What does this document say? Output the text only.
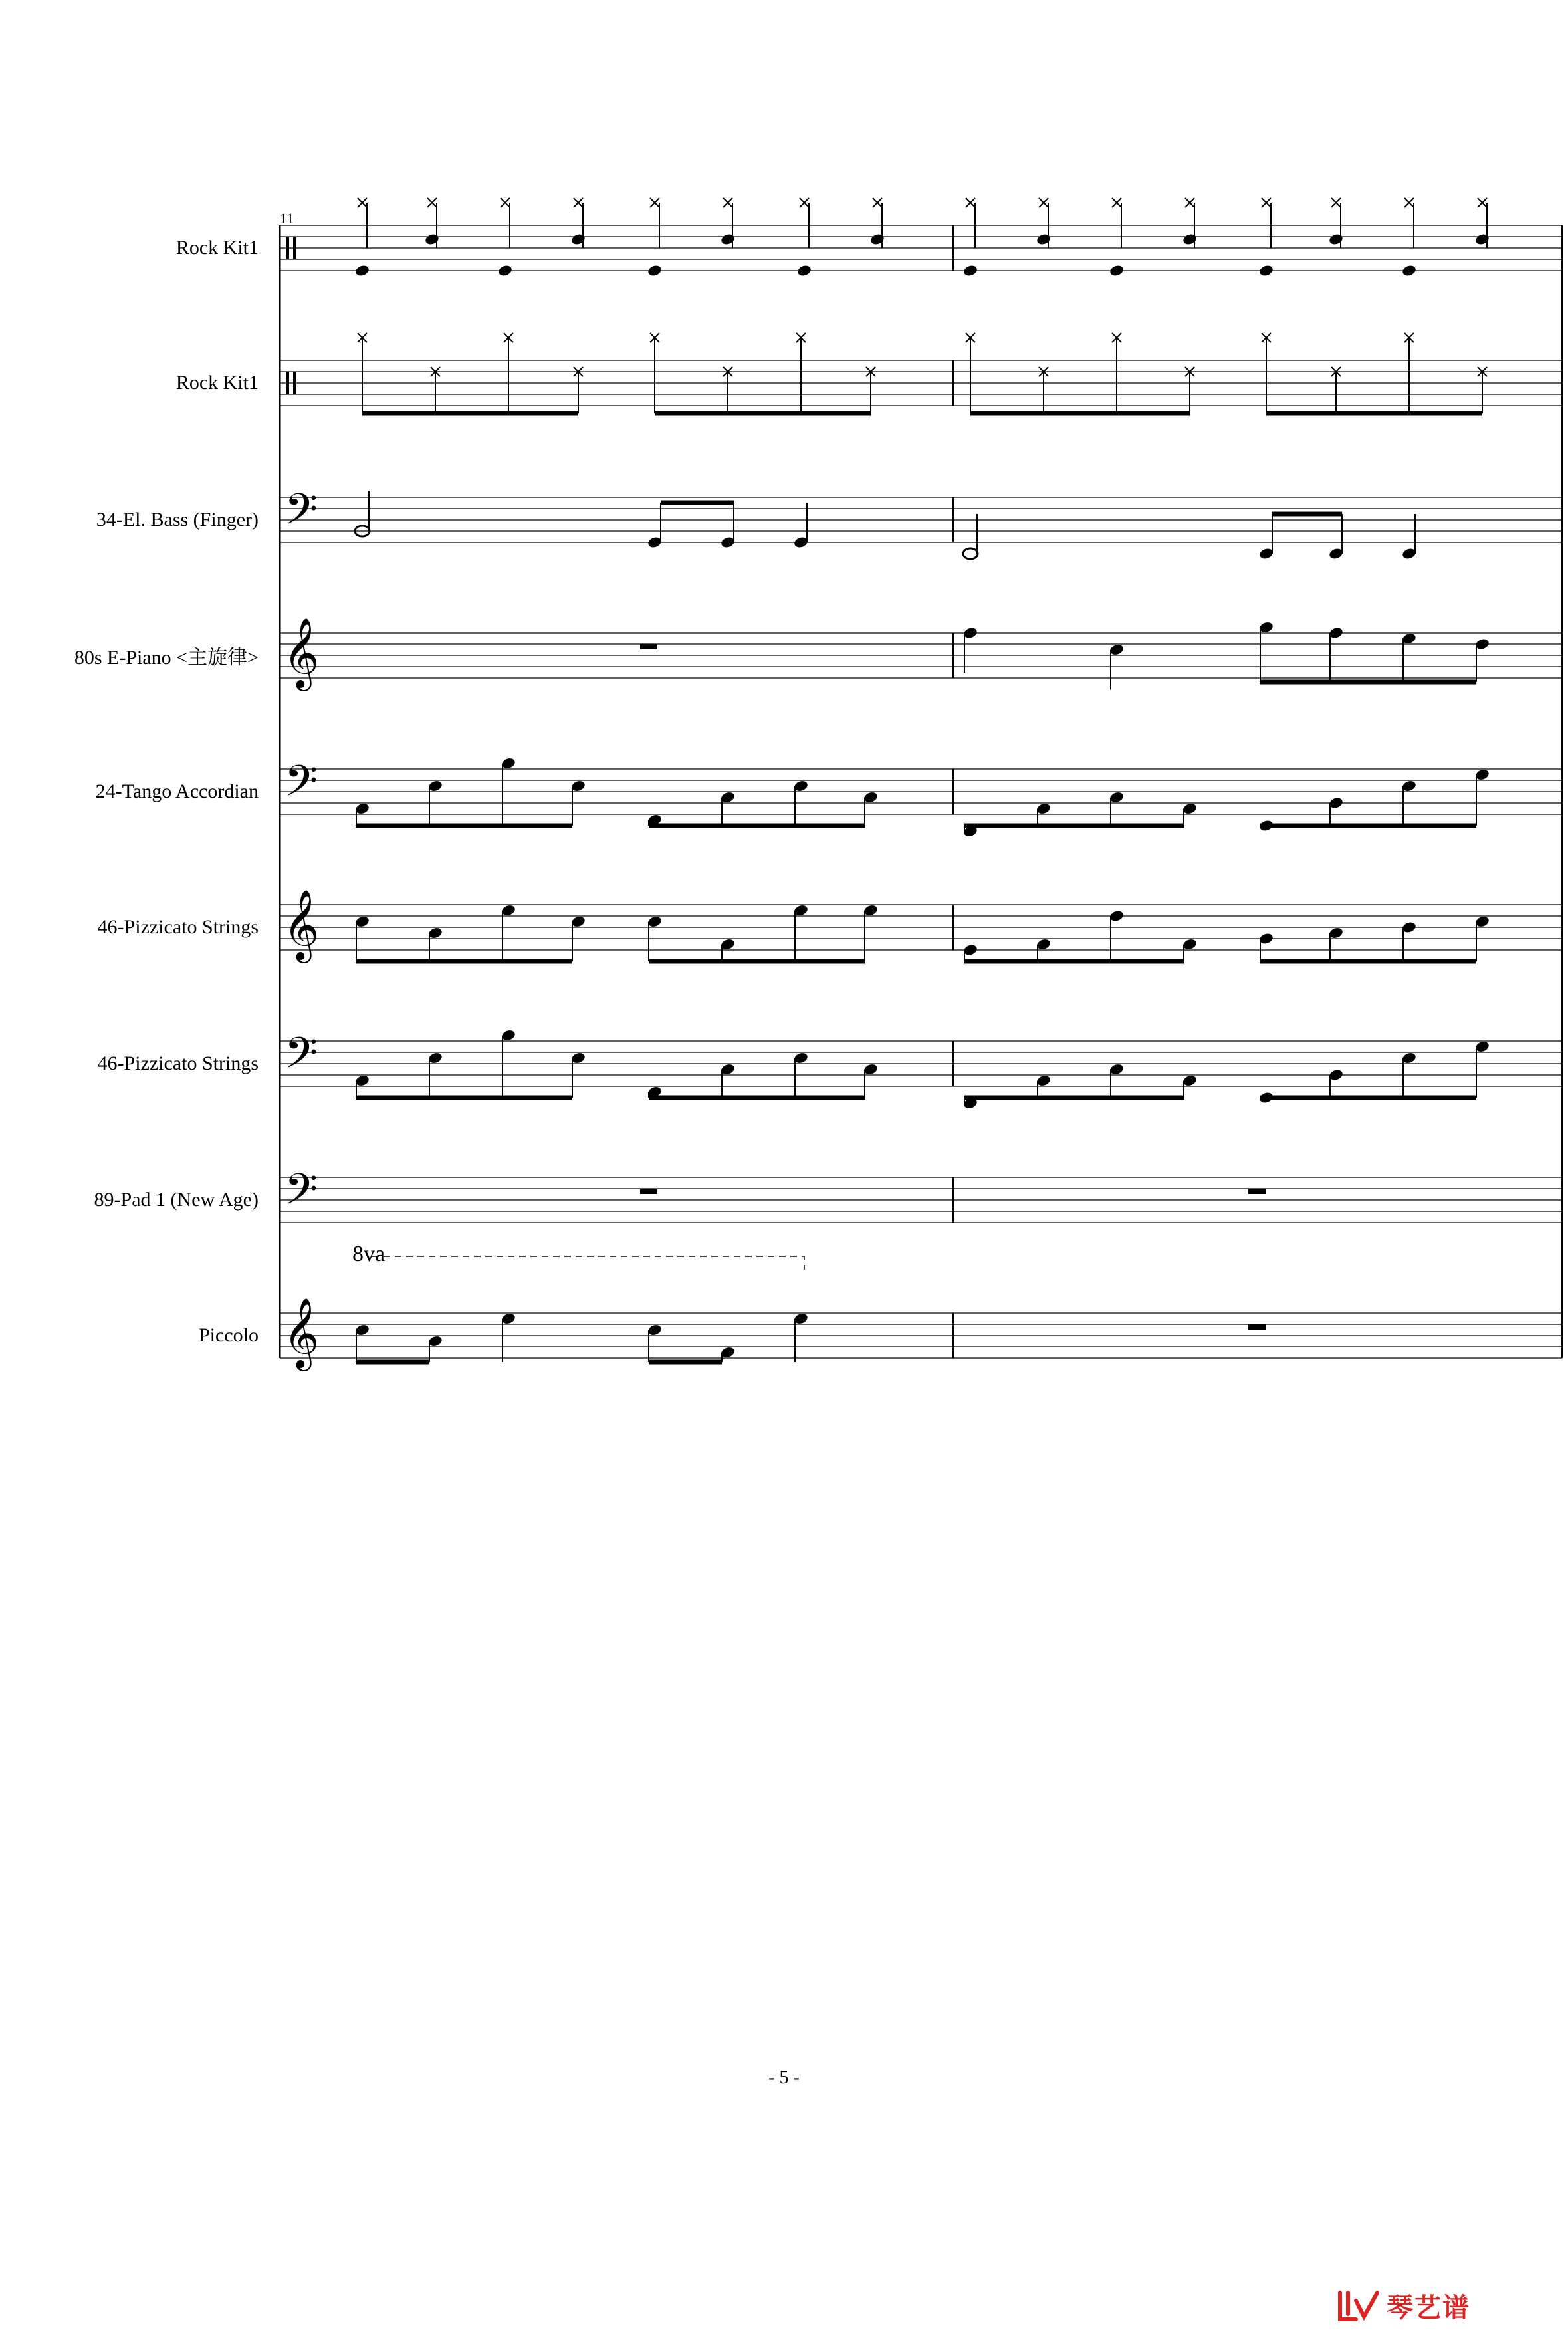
𝄢
𝄞
𝄢
𝄞
𝄢
𝄢
𝄞
8va
Rock Kit1
Rock Kit1
34-El. Bass (Finger)
80s E-Piano <主旋律>
24-Tango Accordian
46-Pizzicato Strings
46-Pizzicato Strings
89-Pad 1 (New Age)
Piccolo
11
- 5 -
琴艺谱
